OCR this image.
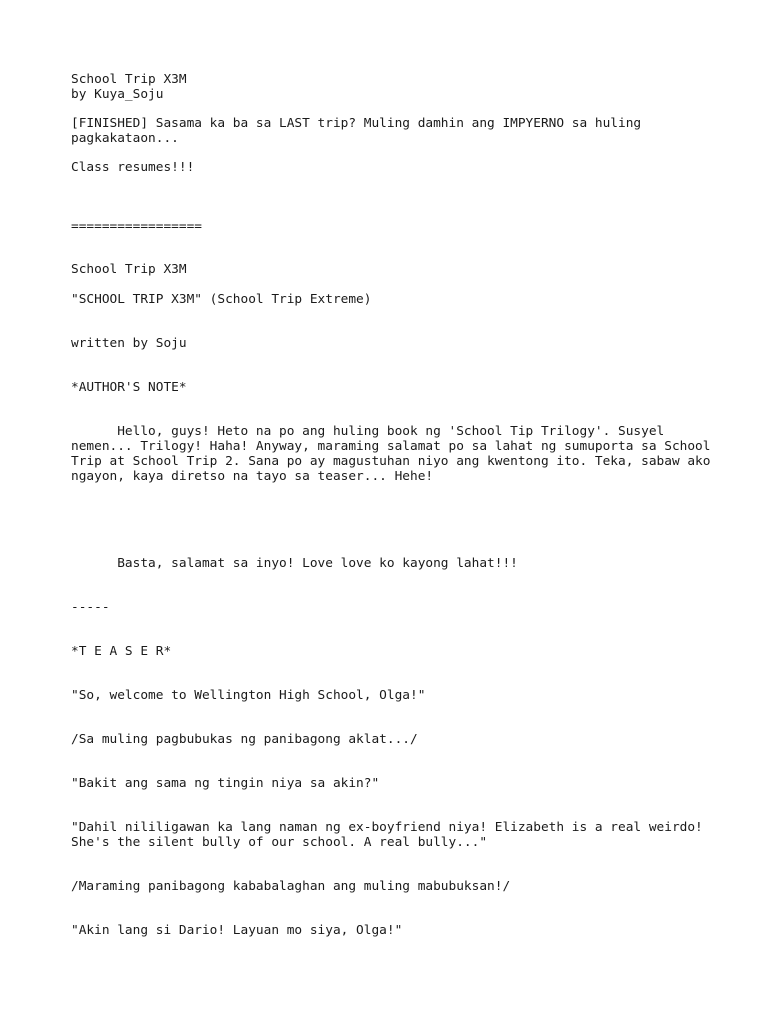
School Trip X3M
by Kuya_Soju
[FINISHED] Sasama ka ba sa LAST trip? Muling damhin ang IMPYERNO sa huling
pagkakataon...
Class resumes!!!
=================
School Trip X3M
"SCHOOL TRIP X3M" (School Trip Extreme)
written by Soju
*AUTHOR'S NOTE*
Hello, guys! Heto na po ang huling book ng 'School Tip Trilogy'. Susyel
nemen... Trilogy! Haha! Anyway, maraming salamat po sa lahat ng sumuporta sa School
Trip at School Trip 2. Sana po ay magustuhan niyo ang kwentong ito. Teka, sabaw ako
ngayon, kaya diretso na tayo sa teaser... Hehe!
Basta, salamat sa inyo! Love love ko kayong lahat!!!
-----
*T E A S E R*
"So, welcome to Wellington High School, Olga!"
/Sa muling pagbubukas ng panibagong aklat.../
"Bakit ang sama ng tingin niya sa akin?"
"Dahil nililigawan ka lang naman ng ex-boyfriend niya! Elizabeth is a real weirdo!
She's the silent bully of our school. A real bully..."
/Maraming panibagong kababalaghan ang muling mabubuksan!/
"Akin lang si Dario! Layuan mo siya, Olga!"
